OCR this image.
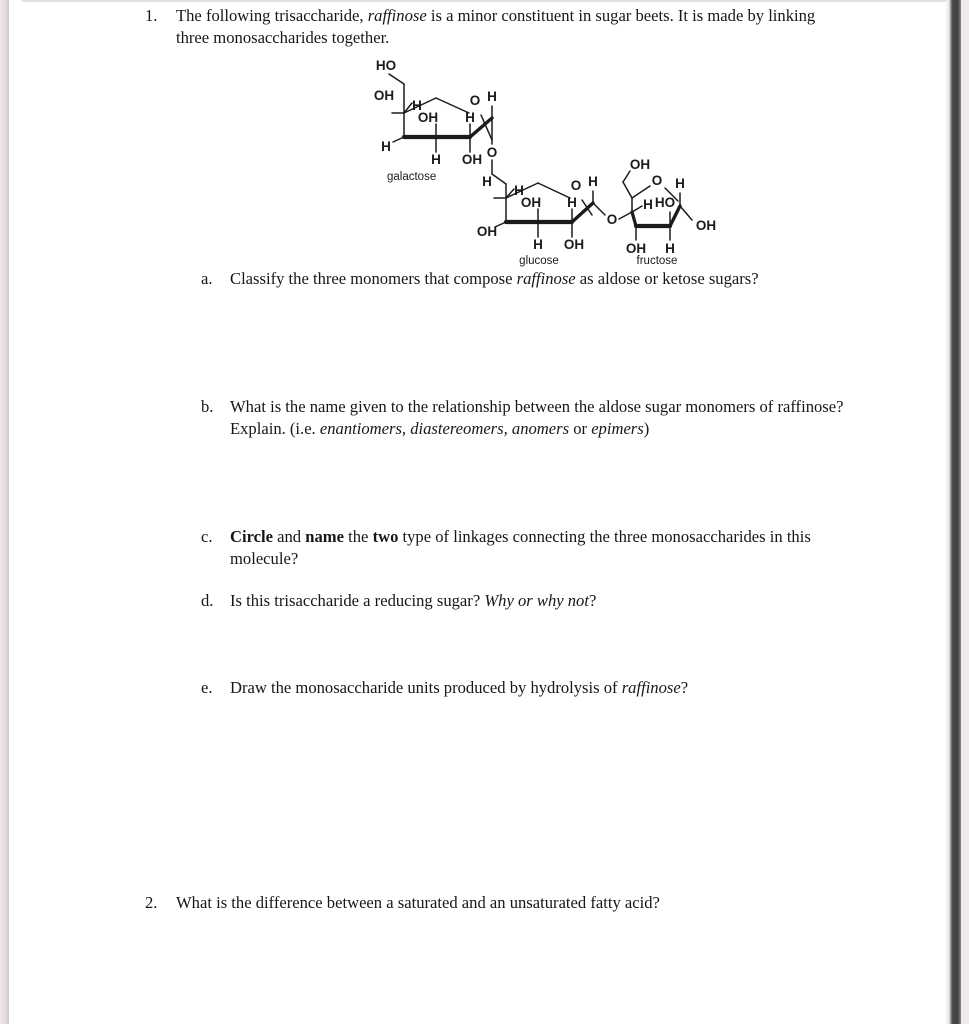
1.	The following trisaccharide, raffinose is a minor constituent in sugar beets. It is made by linking three monosaccharides together.
HO
OH
H
H
OH
H
H
OH
O H
O
galactose	H
H
OH
OH
H
H
OH
O H
O
glucose
OH
H
OH
HO
H
O H
OH
fructose
a.	Classify the three monomers that compose raffinose as aldose or ketose sugars?
b. What is the name given to the relationship between the aldose sugar monomers of raffinose? Explain. (i.e. enantiomers, diastereomers, anomers or epimers)
c.	Circle and name the two type of linkages connecting the three monosaccharides in this molecule?
d. Is this trisaccharide a reducing sugar? Why or why not?
e.	Draw the monosaccharide units produced by hydrolysis of raffinose?
2.	What is the difference between a saturated and an unsaturated fatty acid?
